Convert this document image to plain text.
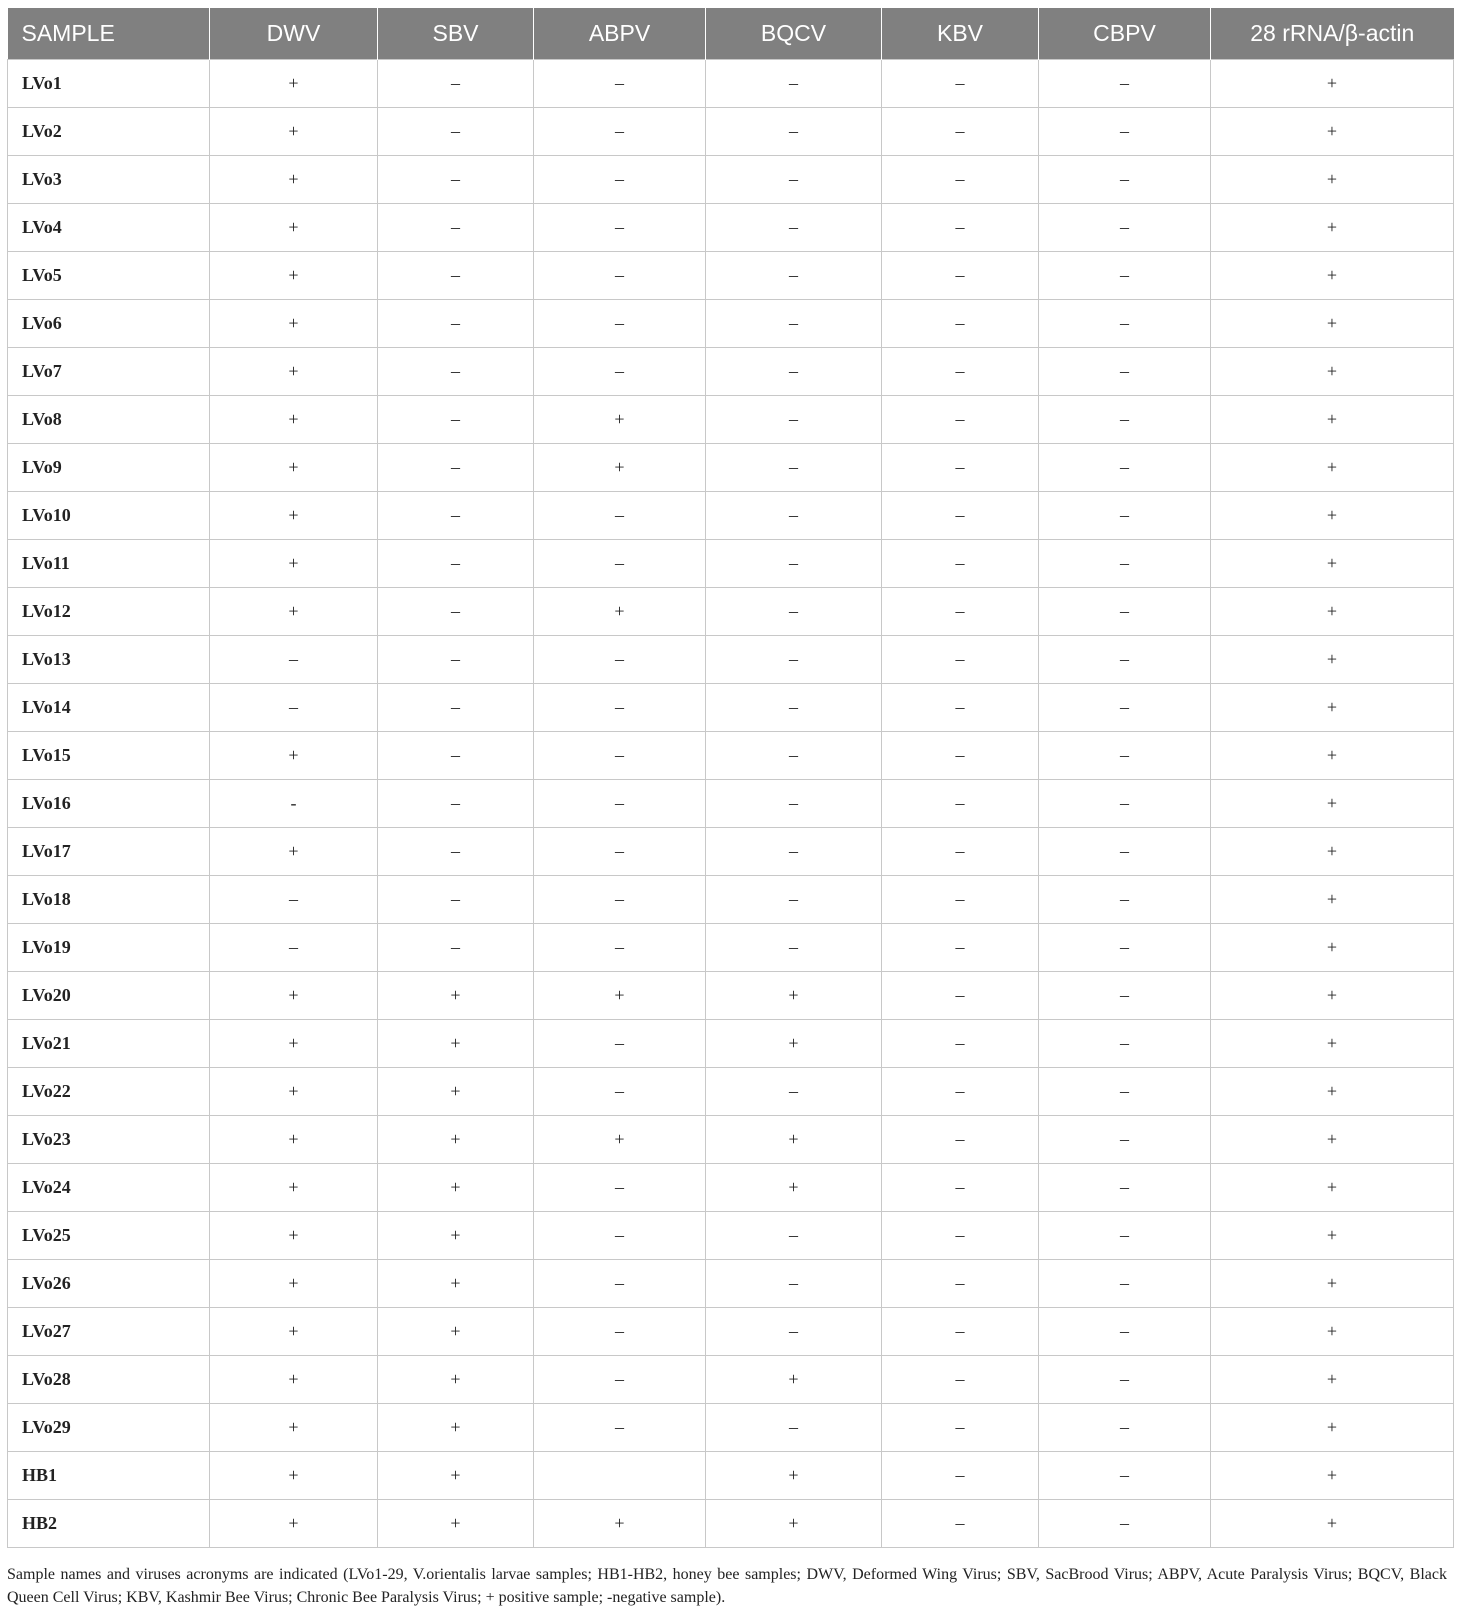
SAMPLE	DWV	SBV	ABPV	BQCV	KBV	CBPV	28 rRNA/β-actin
LVo1	+	–	–	–	–	–	+
LVo2	+	–	–	–	–	–	+
LVo3	+	–	–	–	–	–	+
LVo4	+	–	–	–	–	–	+
LVo5	+	–	–	–	–	–	+
LVo6	+	–	–	–	–	–	+
LVo7	+	–	–	–	–	–	+
LVo8	+	–	+	–	–	–	+
LVo9	+	–	+	–	–	–	+
LVo10	+	–	–	–	–	–	+
LVo11	+	–	–	–	–	–	+
LVo12	+	–	+	–	–	–	+
LVo13	–	–	–	–	–	–	+
LVo14	–	–	–	–	–	–	+
LVo15	+	–	–	–	–	–	+
LVo16	-	–	–	–	–	–	+
LVo17	+	–	–	–	–	–	+
LVo18	–	–	–	–	–	–	+
LVo19	–	–	–	–	–	–	+
LVo20	+	+	+	+	–	–	+
LVo21	+	+	–	+	–	–	+
LVo22	+	+	–	–	–	–	+
LVo23	+	+	+	+	–	–	+
LVo24	+	+	–	+	–	–	+
LVo25	+	+	–	–	–	–	+
LVo26	+	+	–	–	–	–	+
LVo27	+	+	–	–	–	–	+
LVo28	+	+	–	+	–	–	+
LVo29	+	+	–	–	–	–	+
HB1	+	+		+	–	–	+
HB2	+	+	+	+	–	–	+
Sample names and viruses acronyms are indicated (LVo1-29, V.orientalis larvae samples; HB1-HB2, honey bee samples; DWV, Deformed Wing Virus; SBV, SacBrood Virus; ABPV, Acute Paralysis Virus; BQCV, Black Queen Cell Virus; KBV, Kashmir Bee Virus; Chronic Bee Paralysis Virus; + positive sample; -negative sample).
